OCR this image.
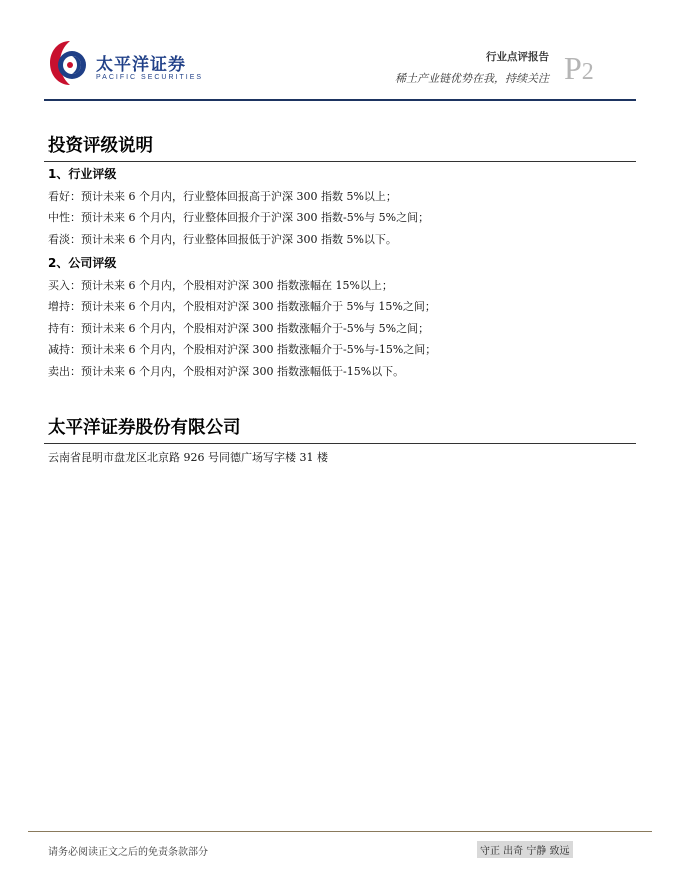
太平洋证券
PACIFIC SECURITIES
行业点评报告
稀土产业链优势在我，持续关注 P2
投资评级说明
1、行业评级
看好：预计未来 6 个月内，行业整体回报高于沪深 300 指数 5%以上；
中性：预计未来 6 个月内，行业整体回报介于沪深 300 指数-5%与 5%之间；
看淡：预计未来 6 个月内，行业整体回报低于沪深 300 指数 5%以下。
2、公司评级
买入：预计未来 6 个月内，个股相对沪深 300 指数涨幅在 15%以上；
增持：预计未来 6 个月内，个股相对沪深 300 指数涨幅介于 5%与 15%之间；
持有：预计未来 6 个月内，个股相对沪深 300 指数涨幅介于-5%与 5%之间；
减持：预计未来 6 个月内，个股相对沪深 300 指数涨幅介于-5%与-15%之间；
卖出：预计未来 6 个月内，个股相对沪深 300 指数涨幅低于-15%以下。
太平洋证券股份有限公司
云南省昆明市盘龙区北京路 926 号同德广场写字楼 31 楼
请务必阅读正文之后的免责条款部分	守正 出奇 宁静 致远
